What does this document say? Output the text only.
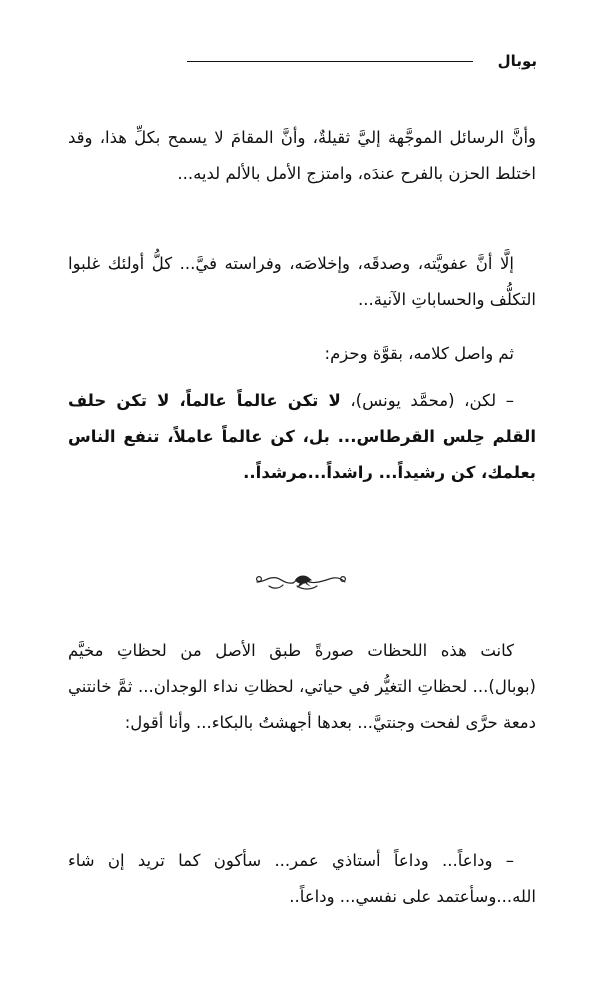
بوبال

وأنَّ الرسائل الموجَّهة إليَّ ثقيلةٌ، وأنَّ المقامَ لا يسمح بكلِّ هذا، وقد اختلط الحزن بالفرح عندَه، وامتزج الأمل بالألم لديه...

إلَّا أنَّ عفويَّته، وصدقَه، وإخلاصَه، وفراسته فيَّ... كلُّ أولئك غلبوا التكلُّف والحساباتِ الآنية...

ثم واصل كلامه، بقوَّة وحزم:

– لكن، (محمَّد يونس)، لا تكن عالماً عالماً، لا تكن حلف القلم حِلس القرطاس... بل، كن عالماً عاملاً، تنفع الناس بعلمك، كن رشيداً... راشداً...مرشداً..

كانت هذه اللحظات صورةً طبق الأصل من لحظاتِ مخيَّم (بوبال)... لحظاتِ التغيُّر في حياتي، لحظاتِ نداء الوجدان... ثمَّ خانتني دمعة حرَّى لفحت وجنتيَّ... بعدها أجهشتُ بالبكاء... وأنا أقول:

– وداعاً... وداعاً أستاذي عمر... سأكون كما تريد إن شاء الله...وسأعتمد على نفسي... وداعاً..
